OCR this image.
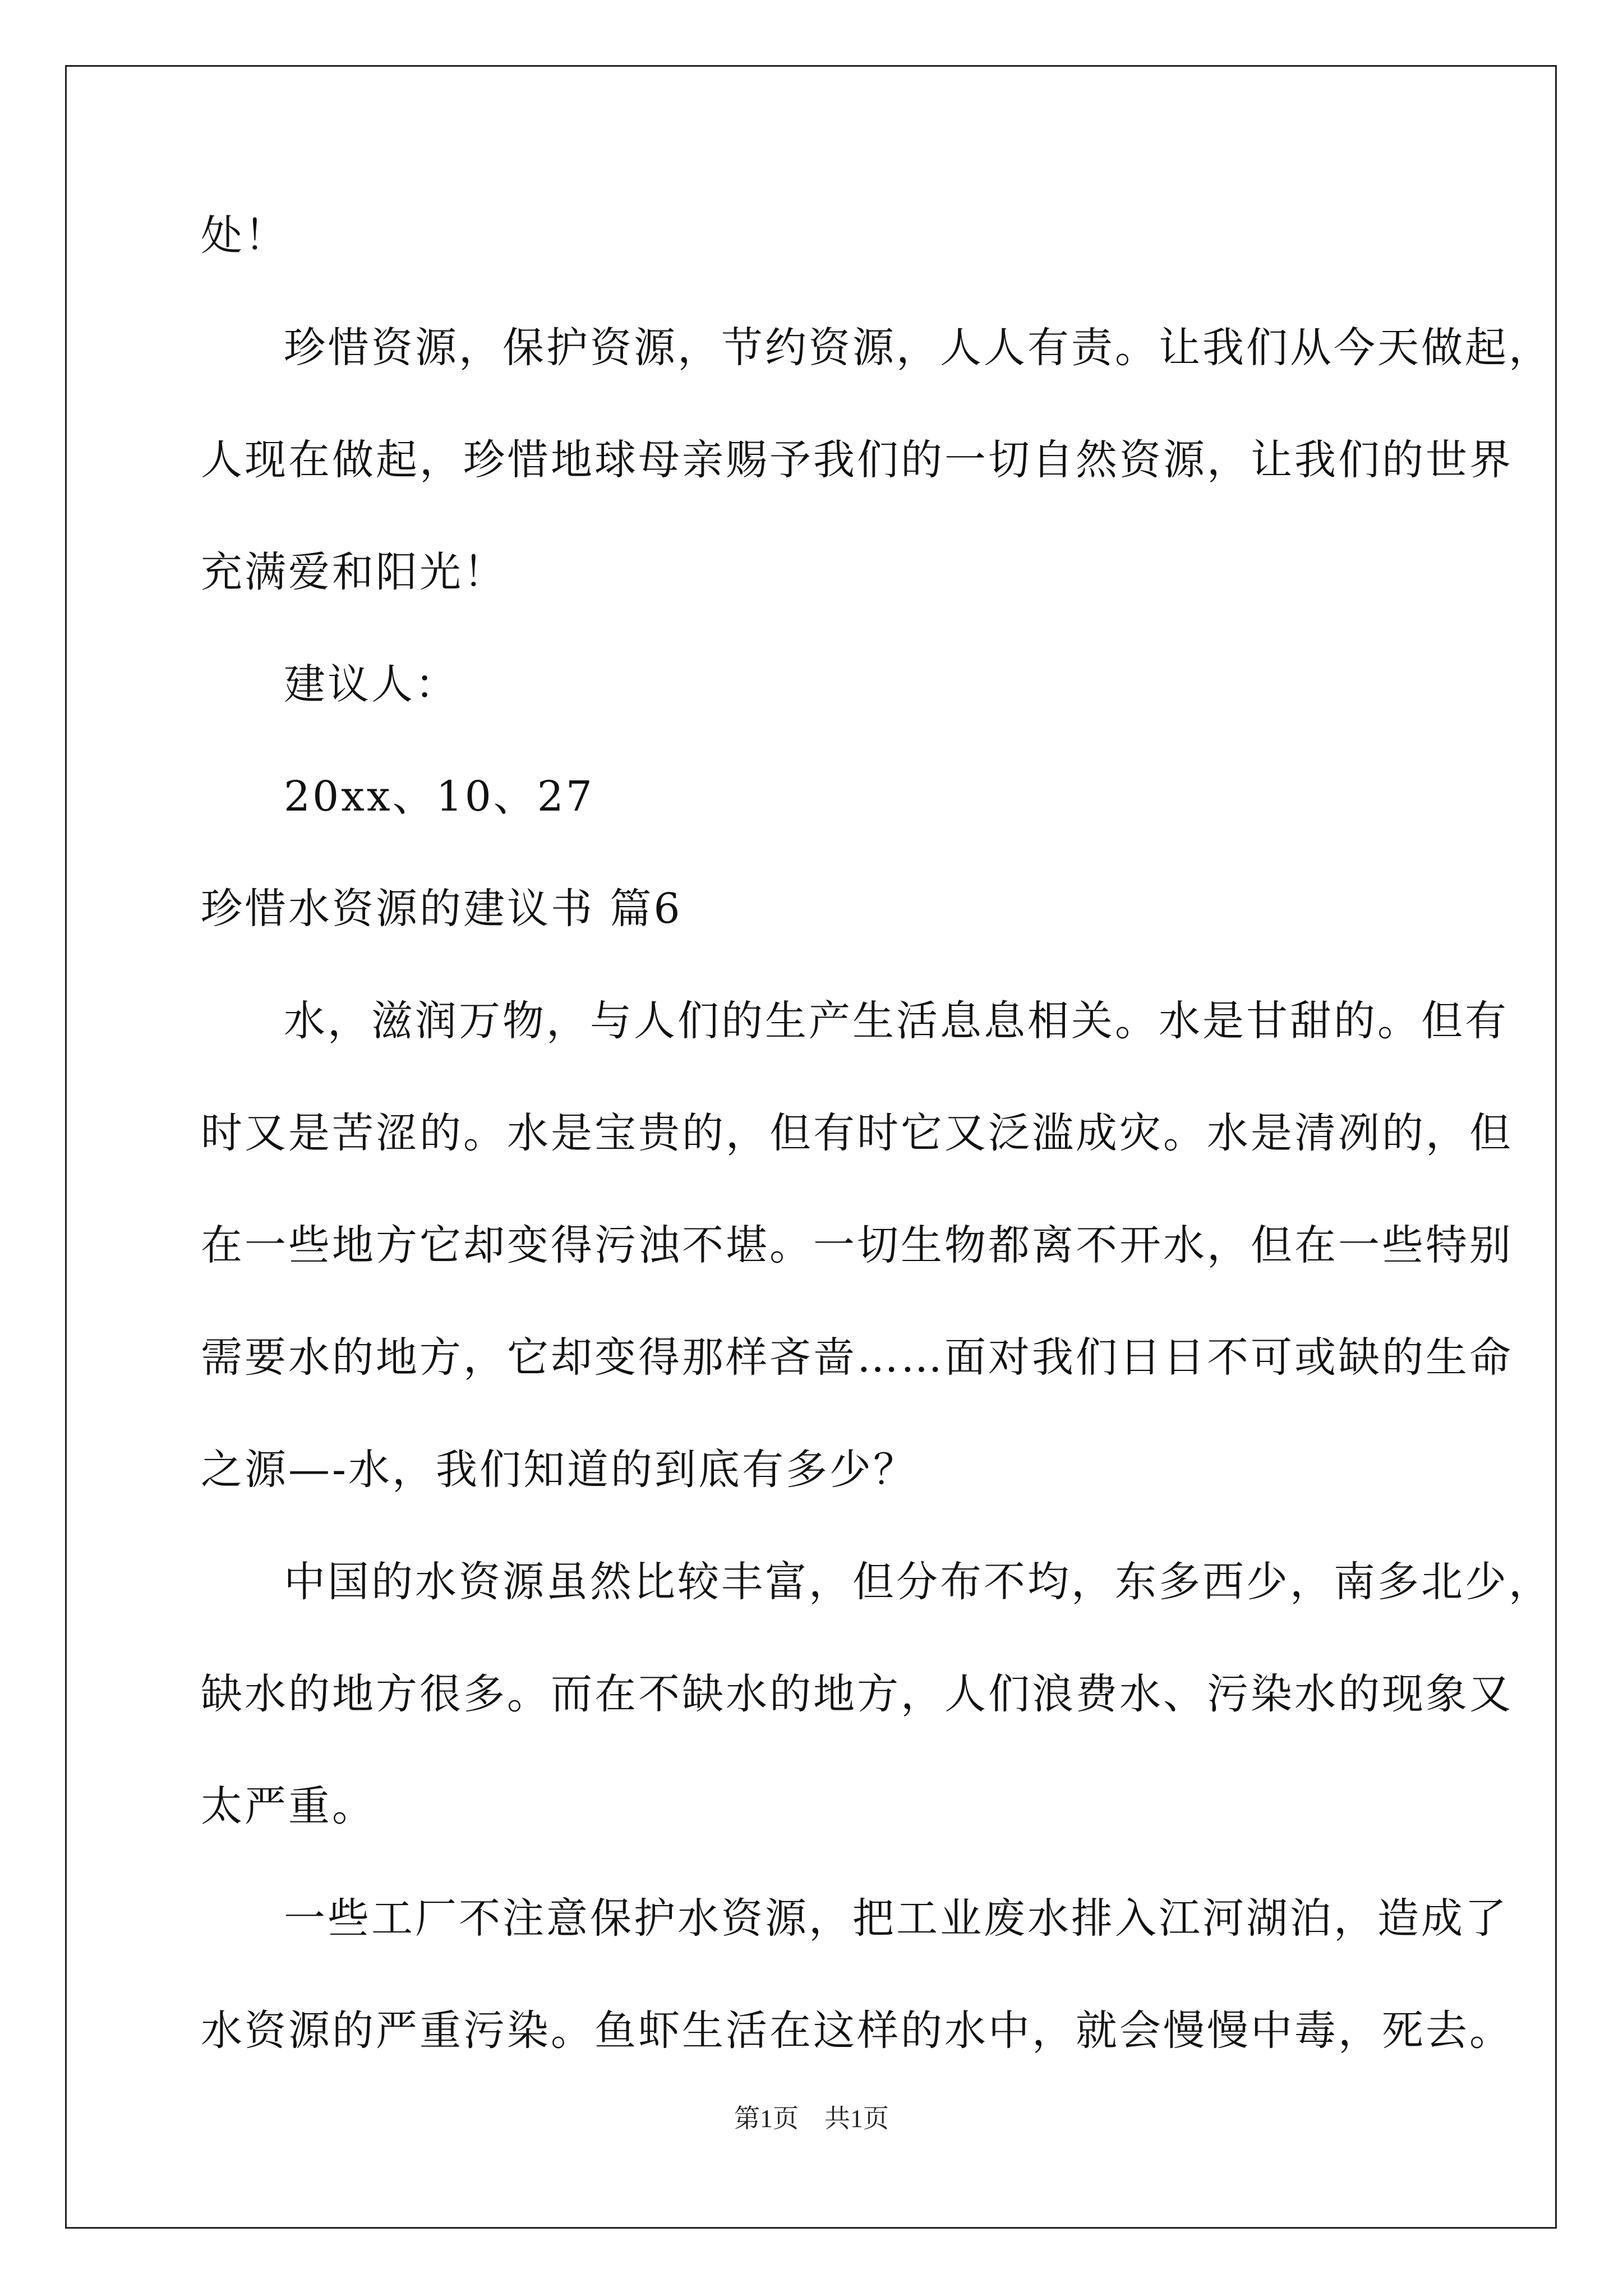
处！
珍惜资源，保护资源，节约资源，人人有责。让我们从今天做起，
人现在做起，珍惜地球母亲赐予我们的一切自然资源，让我们的世界
充满爱和阳光！
建议人：
20xx、10、27
珍惜水资源的建议书 篇6
水，滋润万物，与人们的生产生活息息相关。水是甘甜的。但有
时又是苦涩的。水是宝贵的，但有时它又泛滥成灾。水是清冽的，但
在一些地方它却变得污浊不堪。一切生物都离不开水，但在一些特别
需要水的地方，它却变得那样吝啬……面对我们日日不可或缺的生命
之源—-水，我们知道的到底有多少？
中国的水资源虽然比较丰富，但分布不均，东多西少，南多北少，
缺水的地方很多。而在不缺水的地方，人们浪费水、污染水的现象又
太严重。
一些工厂不注意保护水资源，把工业废水排入江河湖泊，造成了
水资源的严重污染。鱼虾生活在这样的水中，就会慢慢中毒，死去。
第1页　共1页
